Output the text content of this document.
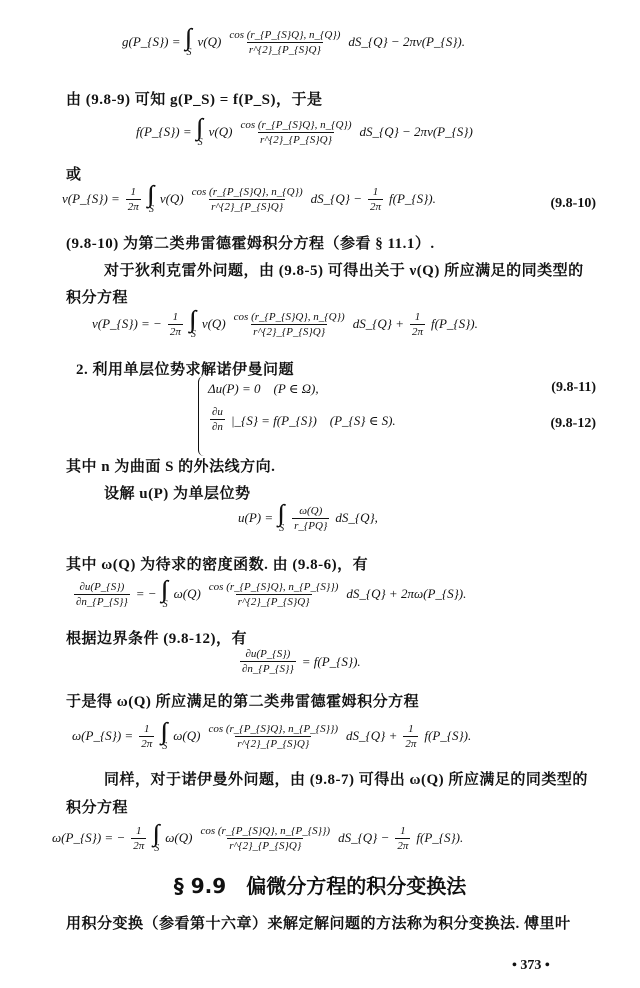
g(P_{S}) =
S
$\nu(Q) \frac{\cos (r\_\{P\_\{S\}Q\}, n\_\{Q\})}{r\^{}\{2\}\_\{P\_\{S\}Q\}}$ dS_{Q} − 2πν(P_{S}).
由 (9.8-9) 可知 g(P_S) = f(P_S)，于是
f(P_{S}) =
S
$\nu(Q) \frac{\cos (r\_\{P\_\{S\}Q\}, n\_\{Q\})}{r\^{}\{2\}\_\{P\_\{S\}Q\}}$ dS_{Q} − 2πν(P_{S})
或
ν(P_{S}) = $\frac{1}{2\pi}$ S
$\nu(Q) \frac{\cos (r\_\{P\_\{S\}Q\}, n\_\{Q\})}{r\^{}\{2\}\_\{P\_\{S\}Q\}}$ dS_{Q} − $\frac{1}{2\pi}$ f(P_{S}).	(9.8-10)
(9.8-10) 为第二类弗雷德霍姆积分方程（参看 § 11.1）.
对于狄利克雷外问题，由 (9.8-5) 可得出关于 ν(Q) 所应满足的同类型的
积分方程
ν(P_{S}) = − $\frac{1}{2\pi}$ S
$\nu(Q) \frac{\cos (r\_\{P\_\{S\}Q\}, n\_\{Q\})}{r\^{}\{2\}\_\{P\_\{S\}Q\}}$ dS_{Q} + $\frac{1}{2\pi}$ f(P_{S}).
2. 利用单层位势求解诺伊曼问题
Δu(P) = 0　(P ∈ Ω),	(9.8-11)
$\frac{\partial u}{\partial n}$ |_{S} = f(P_{S})　(P_{S} ∈ S).	(9.8-12)
其中 n 为曲面 S 的外法线方向.
设解 u(P) 为单层位势
u(P) =
S $\frac{\omega(Q)}{r\_\{PQ\}}$ dS_{Q},
其中 ω(Q) 为待求的密度函数. 由 (9.8-6)，有
$\frac{\partial u(P\_\{S\})}{\partial n\_\{P\_\{S\}\}}$ = −
S
$\omega(Q) \frac{\cos (r\_\{P\_\{S\}Q\}, n\_\{P\_\{S\}\})}{r\^{}\{2\}\_\{P\_\{S\}Q\}}$ dS_{Q} + 2πω(P_{S}).
根据边界条件 (9.8-12)，有
$\frac{\partial u(P\_\{S\})}{\partial n\_\{P\_\{S\}\}}$ = f(P_{S}).
于是得 ω(Q) 所应满足的第二类弗雷德霍姆积分方程
ω(P_{S}) = $\frac{1}{2\pi}$ S
$\omega(Q) \frac{\cos (r\_\{P\_\{S\}Q\}, n\_\{P\_\{S\}\})}{r\^{}\{2\}\_\{P\_\{S\}Q\}}$ dS_{Q} + $\frac{1}{2\pi}$ f(P_{S}).
同样，对于诺伊曼外问题，由 (9.8-7) 可得出 ω(Q) 所应满足的同类型的
积分方程
ω(P_{S}) = − $\frac{1}{2\pi}$ S
$\omega(Q) \frac{\cos (r\_\{P\_\{S\}Q\}, n\_\{P\_\{S\}\})}{r\^{}\{2\}\_\{P\_\{S\}Q\}}$ dS_{Q} − $\frac{1}{2\pi}$ f(P_{S}).
§ 9.9　偏微分方程的积分变换法
用积分变换（参看第十六章）来解定解问题的方法称为积分变换法. 傅里叶
• 373 •
